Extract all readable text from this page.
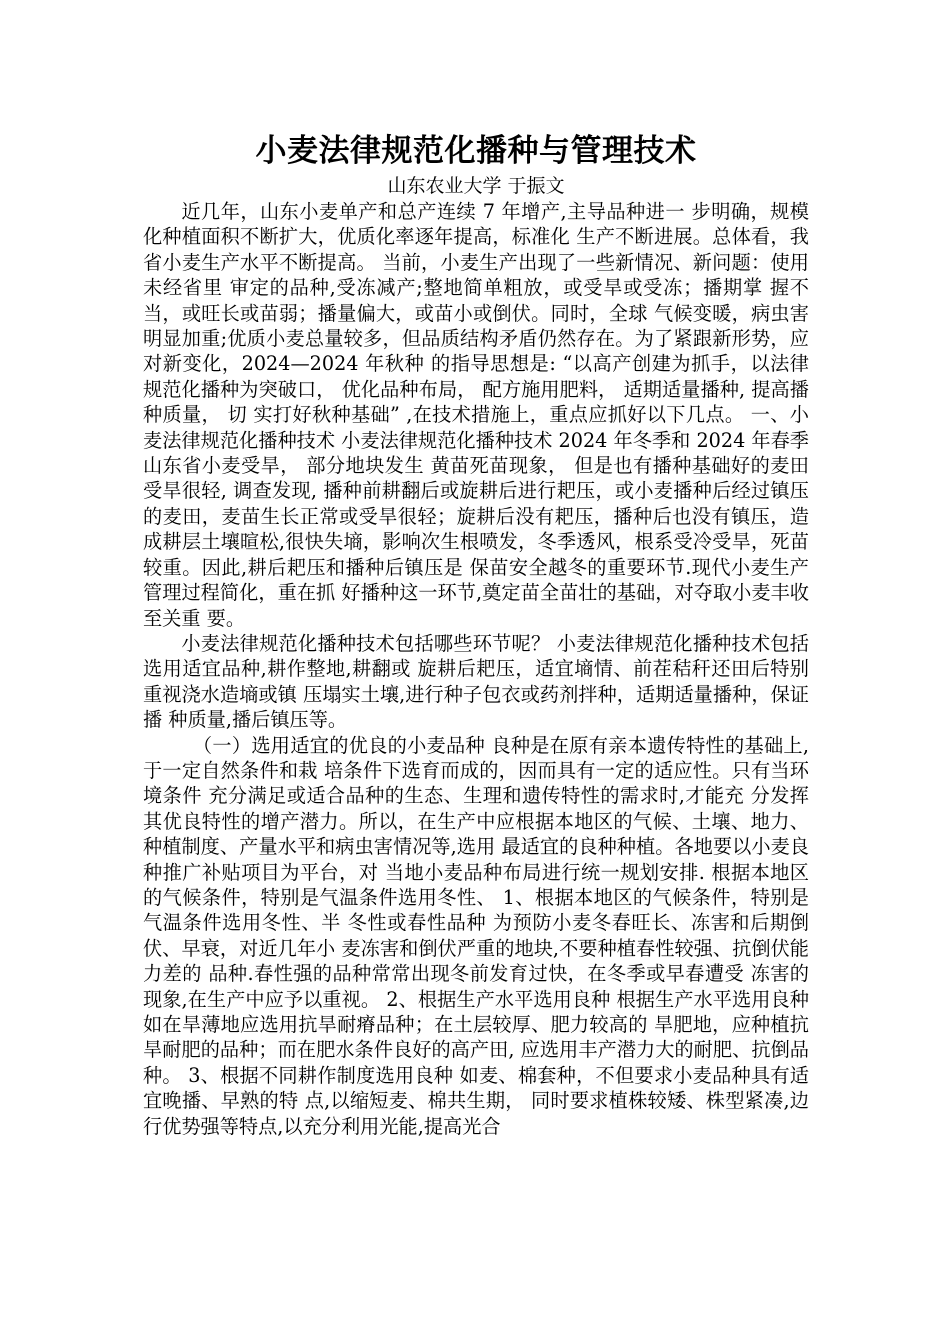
小麦法律规范化播种与管理技术

山东农业大学 于振文

近几年，山东小麦单产和总产连续 7 年增产,主导品种进一 步明确，规模化种植面积不断扩大，优质化率逐年提高，标准化 生产不断进展。总体看，我省小麦生产水平不断提高。 当前，小麦生产出现了一些新情况、新问题：使用未经省里 审定的品种,受冻减产;整地简单粗放，或受旱或受冻；播期掌 握不当，或旺长或苗弱；播量偏大，或苗小或倒伏。同时，全球 气候变暖，病虫害明显加重;优质小麦总量较多，但品质结构矛盾仍然存在。为了紧跟新形势，应对新变化，2024—2024 年秋种 的指导思想是: “以高产创建为抓手，以法律规范化播种为突破口， 优化品种布局， 配方施用肥料， 适期适量播种, 提高播种质量， 切 实打好秋种基础” ,在技术措施上，重点应抓好以下几点。 一、小麦法律规范化播种技术 小麦法律规范化播种技术 2024 年冬季和 2024 年春季山东省小麦受旱， 部分地块发生 黄苗死苗现象， 但是也有播种基础好的麦田受旱很轻, 调查发现, 播种前耕翻后或旋耕后进行耙压，或小麦播种后经过镇压的麦田，麦苗生长正常或受旱很轻；旋耕后没有耙压，播种后也没有镇压，造成耕层土壤暄松,很快失墒，影响次生根喷发，冬季透风，根系受冷受旱，死苗较重。因此,耕后耙压和播种后镇压是 保苗安全越冬的重要环节.现代小麦生产管理过程简化，重在抓 好播种这一环节,奠定苗全苗壮的基础，对夺取小麦丰收至关重 要。

小麦法律规范化播种技术包括哪些环节呢？ 小麦法律规范化播种技术包括选用适宜品种,耕作整地,耕翻或 旋耕后耙压，适宜墒情、前茬秸秆还田后特别重视浇水造墒或镇 压塌实土壤,进行种子包衣或药剂拌种，适期适量播种，保证播 种质量,播后镇压等。

（一）选用适宜的优良的小麦品种 良种是在原有亲本遗传特性的基础上,于一定自然条件和栽 培条件下选育而成的，因而具有一定的适应性。只有当环境条件 充分满足或适合品种的生态、生理和遗传特性的需求时,才能充 分发挥其优良特性的增产潜力。所以，在生产中应根据本地区的气候、土壤、地力、种植制度、产量水平和病虫害情况等,选用 最适宜的良种种植。各地要以小麦良种推广补贴项目为平台，对 当地小麦品种布局进行统一规划安排. 根据本地区的气候条件，特别是气温条件选用冬性、 1、根据本地区的气候条件，特别是气温条件选用冬性、半 冬性或春性品种 为预防小麦冬春旺长、冻害和后期倒伏、早衰，对近几年小 麦冻害和倒伏严重的地块,不要种植春性较强、抗倒伏能力差的 品种.春性强的品种常常出现冬前发育过快，在冬季或早春遭受 冻害的现象,在生产中应予以重视。 2、根据生产水平选用良种 根据生产水平选用良种 如在旱薄地应选用抗旱耐瘠品种；在土层较厚、肥力较高的 旱肥地，应种植抗旱耐肥的品种；而在肥水条件良好的高产田, 应选用丰产潜力大的耐肥、抗倒品种。 3、根据不同耕作制度选用良种 如麦、棉套种，不但要求小麦品种具有适宜晚播、早熟的特 点,以缩短麦、棉共生期， 同时要求植株较矮、株型紧凑,边行优势强等特点,以充分利用光能,提高光合
